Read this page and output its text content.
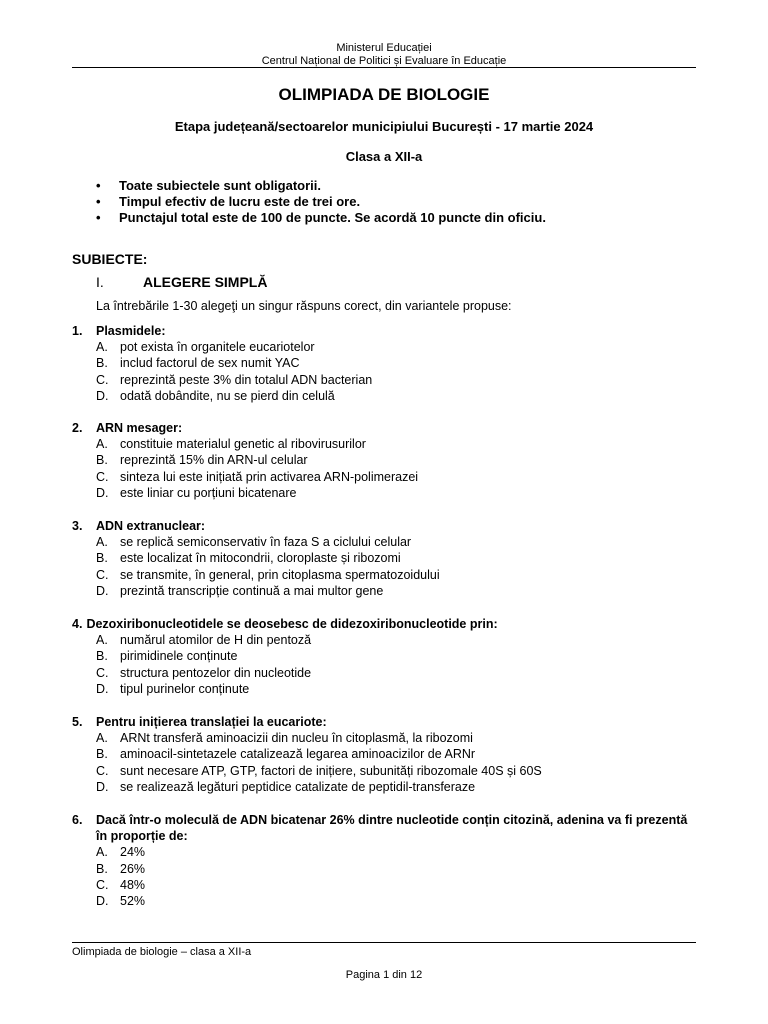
Ministerul Educației
Centrul Național de Politici și Evaluare în Educație
OLIMPIADA DE BIOLOGIE
Etapa județeană/sectoarelor municipiului București - 17 martie 2024
Clasa a XII-a
• Toate subiectele sunt obligatorii.
• Timpul efectiv de lucru este de trei ore.
• Punctajul total este de 100 de puncte. Se acordă 10 puncte din oficiu.
SUBIECTE:
I.	ALEGERE SIMPLĂ
La întrebările 1-30 alegeţi un singur răspuns corect, din variantele propuse:
1.	Plasmidele:
A. pot exista în organitele eucariotelor
B. includ factorul de sex numit YAC
C. reprezintă peste 3% din totalul ADN bacterian
D. odată dobândite, nu se pierd din celulă
2.	ARN mesager:
A. constituie materialul genetic al ribovirusurilor
B. reprezintă 15% din ARN-ul celular
C. sinteza lui este inițiată prin activarea ARN-polimerazei
D. este liniar cu porțiuni bicatenare
3.	ADN extranuclear:
A. se replică semiconservativ în faza S a ciclului celular
B. este localizat în mitocondrii, cloroplaste și ribozomi
C. se transmite, în general, prin citoplasma spermatozoidului
D. prezintă transcripție continuă a mai multor gene
4. Dezoxiribonucleotidele se deosebesc de didezoxiribonucleotide prin:
A. numărul atomilor de H din pentoză
B. pirimidinele conținute
C. structura pentozelor din nucleotide
D. tipul purinelor conținute
5.	Pentru inițierea translației la eucariote:
A. ARNt transferă aminoacizii din nucleu în citoplasmă, la ribozomi
B. aminoacil-sintetazele catalizează legarea aminoacizilor de ARNr
C. sunt necesare ATP, GTP, factori de inițiere, subunități ribozomale 40S și 60S
D. se realizează legături peptidice catalizate de peptidil-transferaze
6.	Dacă într-o moleculă de ADN bicatenar 26% dintre nucleotide conțin citozină, adenina va fi prezentă în proporție de:
A. 24%
B. 26%
C. 48%
D. 52%
Olimpiada de biologie – clasa a XII-a
Pagina 1 din 12
